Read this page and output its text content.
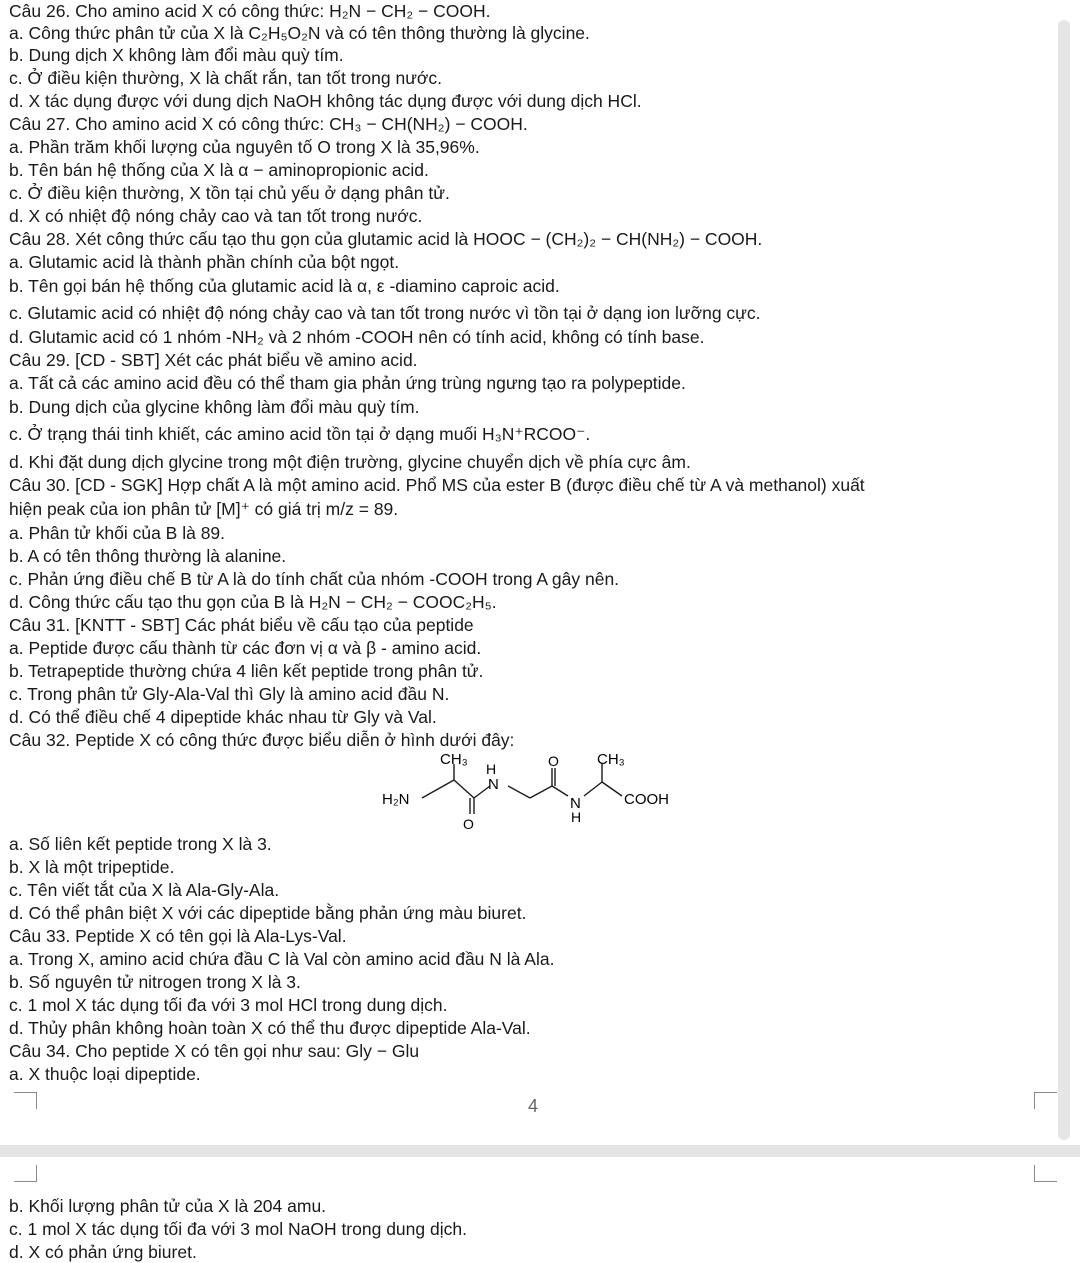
Câu 26. Cho amino acid X có công thức: H₂N − CH₂ − COOH.
a. Công thức phân tử của X là C₂H₅O₂N và có tên thông thường là glycine.
b. Dung dịch X không làm đổi màu quỳ tím.
c. Ở điều kiện thường, X là chất rắn, tan tốt trong nước.
d. X tác dụng được với dung dịch NaOH không tác dụng được với dung dịch HCl.
Câu 27. Cho amino acid X có công thức: CH₃ − CH(NH₂) − COOH.
a. Phần trăm khối lượng của nguyên tố O trong X là 35,96%.
b. Tên bán hệ thống của X là α − aminopropionic acid.
c. Ở điều kiện thường, X tồn tại chủ yếu ở dạng phân tử.
d. X có nhiệt độ nóng chảy cao và tan tốt trong nước.
Câu 28. Xét công thức cấu tạo thu gọn của glutamic acid là HOOC − (CH₂)₂ − CH(NH₂) − COOH.
a. Glutamic acid là thành phần chính của bột ngọt.
b. Tên gọi bán hệ thống của glutamic acid là α, ε -diamino caproic acid.
c. Glutamic acid có nhiệt độ nóng chảy cao và tan tốt trong nước vì tồn tại ở dạng ion lưỡng cực.
d. Glutamic acid có 1 nhóm -NH₂ và 2 nhóm -COOH nên có tính acid, không có tính base.
Câu 29. [CD - SBT] Xét các phát biểu về amino acid.
a. Tất cả các amino acid đều có thể tham gia phản ứng trùng ngưng tạo ra polypeptide.
b. Dung dịch của glycine không làm đổi màu quỳ tím.
c. Ở trạng thái tinh khiết, các amino acid tồn tại ở dạng muối H₃N⁺RCOO⁻.
d. Khi đặt dung dịch glycine trong một điện trường, glycine chuyển dịch về phía cực âm.
Câu 30. [CD - SGK] Hợp chất A là một amino acid. Phổ MS của ester B (được điều chế từ A và methanol) xuất
hiện peak của ion phân tử [M]⁺ có giá trị m/z = 89.
a. Phân tử khối của B là 89.
b. A có tên thông thường là alanine.
c. Phản ứng điều chế B từ A là do tính chất của nhóm -COOH trong A gây nên.
d. Công thức cấu tạo thu gọn của B là H₂N − CH₂ − COOC₂H₅.
Câu 31. [KNTT - SBT] Các phát biểu về cấu tạo của peptide
a. Peptide được cấu thành từ các đơn vị α và β - amino acid.
b. Tetrapeptide thường chứa 4 liên kết peptide trong phân tử.
c. Trong phân tử Gly-Ala-Val thì Gly là amino acid đầu N.
d. Có thể điều chế 4 dipeptide khác nhau từ Gly và Val.
Câu 32. Peptide X có công thức được biểu diễn ở hình dưới đây:
H₂N
CH₃
H
N
O
O
N
H
CH₃
COOH
a. Số liên kết peptide trong X là 3.
b. X là một tripeptide.
c. Tên viết tắt của X là Ala-Gly-Ala.
d. Có thể phân biệt X với các dipeptide bằng phản ứng màu biuret.
Câu 33. Peptide X có tên gọi là Ala-Lys-Val.
a. Trong X, amino acid chứa đầu C là Val còn amino acid đầu N là Ala.
b. Số nguyên tử nitrogen trong X là 3.
c. 1 mol X tác dụng tối đa với 3 mol HCl trong dung dịch.
d. Thủy phân không hoàn toàn X có thể thu được dipeptide Ala-Val.
Câu 34. Cho peptide X có tên gọi như sau: Gly − Glu
a. X thuộc loại dipeptide.
4
b. Khối lượng phân tử của X là 204 amu.
c. 1 mol X tác dụng tối đa với 3 mol NaOH trong dung dịch.
d. X có phản ứng biuret.
